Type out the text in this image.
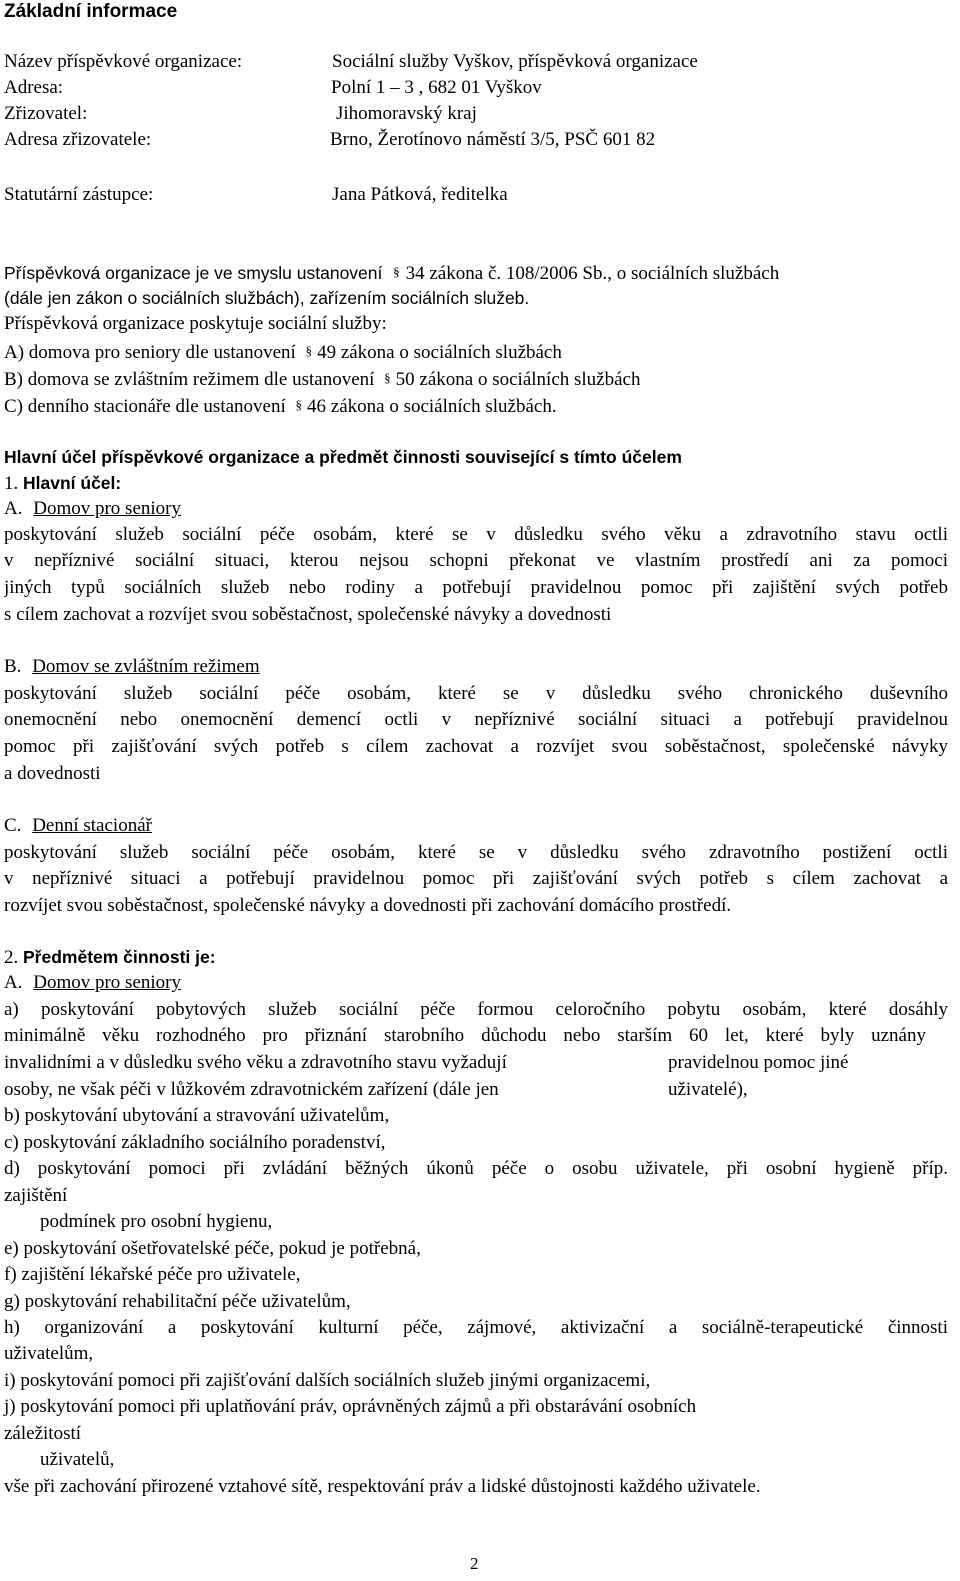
Základní informace
Název příspěvkové organizace:	Sociální služby Vyškov, příspěvková organizace
Adresa:	Polní 1 – 3 , 682 01 Vyškov
Zřizovatel:	Jihomoravský kraj
Adresa zřizovatele:	Brno, Žerotínovo náměstí 3/5, PSČ 601 82
Statutární zástupce:	Jana Pátková, ředitelka
Příspěvková organizace je ve smyslu ustanovení § 34 zákona č. 108/2006 Sb., o sociálních službách
(dále jen zákon o sociálních službách), zařízením sociálních služeb.
Příspěvková organizace poskytuje sociální služby:
A) domova pro seniory dle ustanovení § 49 zákona o sociálních službách
B) domova se zvláštním režimem dle ustanovení § 50 zákona o sociálních službách
C) denního stacionáře dle ustanovení § 46 zákona o sociálních službách.
Hlavní účel příspěvkové organizace a předmět činnosti související s tímto účelem
1. Hlavní účel:
A. Domov pro seniory
poskytování služeb sociální péče osobám, které se v důsledku svého věku a zdravotního stavu octli
v nepříznivé sociální situaci, kterou nejsou schopni překonat ve vlastním prostředí ani za pomoci
jiných typů sociálních služeb nebo rodiny a potřebují pravidelnou pomoc při zajištění svých potřeb
s cílem zachovat a rozvíjet svou soběstačnost, společenské návyky a dovednosti
B. Domov se zvláštním režimem
poskytování služeb sociální péče osobám, které se v důsledku svého chronického duševního
onemocnění nebo onemocnění demencí octli v nepříznivé sociální situaci a potřebují pravidelnou
pomoc při zajišťování svých potřeb s cílem zachovat a rozvíjet svou soběstačnost, společenské návyky
a dovednosti
C. Denní stacionář
poskytování služeb sociální péče osobám, které se v důsledku svého zdravotního postižení octli
v nepříznivé situaci a potřebují pravidelnou pomoc při zajišťování svých potřeb s cílem zachovat a
rozvíjet svou soběstačnost, společenské návyky a dovednosti při zachování domácího prostředí.
2. Předmětem činnosti je:
A. Domov pro seniory
a) poskytování pobytových služeb sociální péče formou celoročního pobytu osobám, které dosáhly
minimálně věku rozhodného pro přiznání starobního důchodu nebo starším 60 let, které byly uznány
invalidními a v důsledku svého věku a zdravotního stavu vyžadují	pravidelnou pomoc jiné
osoby, ne však péči v lůžkovém zdravotnickém zařízení (dále jen	uživatelé),
b) poskytování ubytování a stravování uživatelům,
c) poskytování základního sociálního poradenství,
d) poskytování pomoci při zvládání běžných úkonů péče o osobu uživatele, při osobní hygieně příp.
zajištění
podmínek pro osobní hygienu,
e) poskytování ošetřovatelské péče, pokud je potřebná,
f) zajištění lékařské péče pro uživatele,
g) poskytování rehabilitační péče uživatelům,
h) organizování a poskytování kulturní péče, zájmové, aktivizační a sociálně-terapeutické činnosti
uživatelům,
i) poskytování pomoci při zajišťování dalších sociálních služeb jinými organizacemi,
j) poskytování pomoci při uplatňování práv, oprávněných zájmů a při obstarávání osobních
záležitostí
uživatelů,
vše při zachování přirozené vztahové sítě, respektování práv a lidské důstojnosti každého uživatele.
2
